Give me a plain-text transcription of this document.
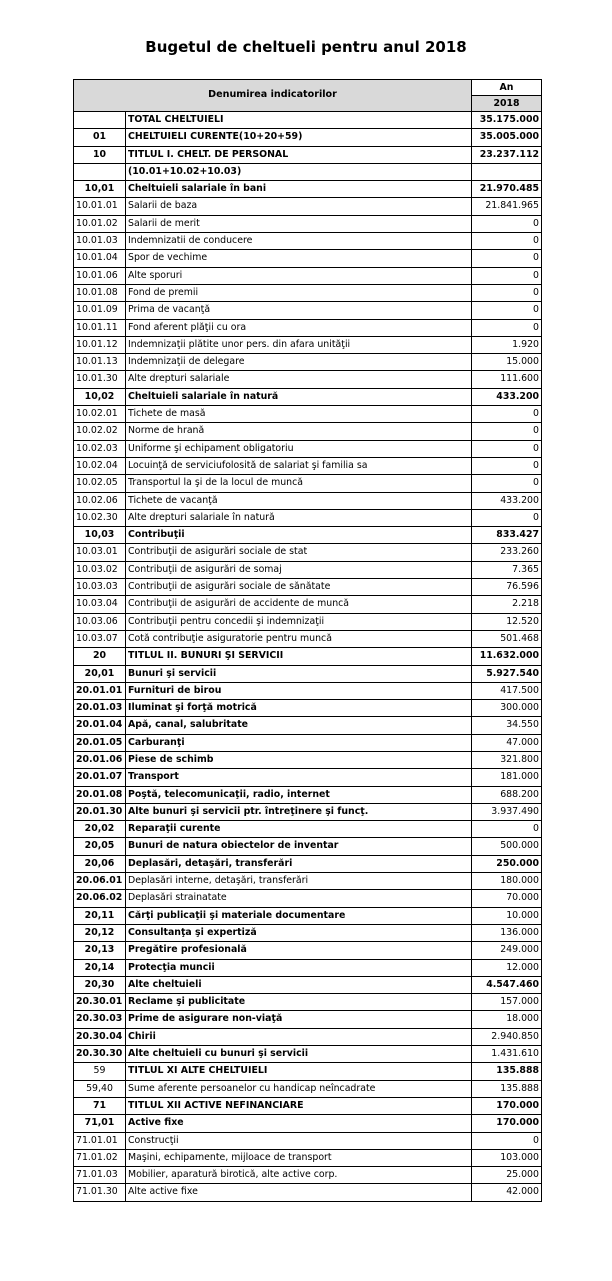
Bugetul de cheltueli pentru anul 2018
Denumirea indicatorilor		An
		2018
	TOTAL CHELTUIELI	35.175.000
01	CHELTUIELI CURENTE(10+20+59)	35.005.000
10	TITLUL I. CHELT. DE PERSONAL	23.237.112
	(10.01+10.02+10.03)	
10,01	Cheltuieli salariale în bani	21.970.485
10.01.01	Salarii de baza	21.841.965
10.01.02	Salarii de merit	0
10.01.03	Indemnizatii de conducere	0
10.01.04	Spor de vechime	0
10.01.06	Alte sporuri	0
10.01.08	Fond de premii	0
10.01.09	Prima de vacanţă	0
10.01.11	Fond aferent plăţii cu ora	0
10.01.12	Indemnizaţii plătite unor pers. din afara unităţii	1.920
10.01.13	Indemnizaţii de delegare	15.000
10.01.30	Alte drepturi salariale	111.600
10,02	Cheltuieli salariale în natură	433.200
10.02.01	Tichete de masă	0
10.02.02	Norme de hrană	0
10.02.03	Uniforme şi echipament obligatoriu	0
10.02.04	Locuinţă de serviciufolosită de salariat şi familia sa	0
10.02.05	Transportul la şi de la locul de muncă	0
10.02.06	Tichete de vacanţă	433.200
10.02.30	Alte drepturi salariale în natură	0
10,03	Contribuţii	833.427
10.03.01	Contribuţii de asigurări sociale de stat	233.260
10.03.02	Contribuţii de asigurări de somaj	7.365
10.03.03	Contribuţii de asigurări sociale de sănătate	76.596
10.03.04	Contribuţii de asigurări de accidente de muncă	2.218
10.03.06	Contribuţii pentru concedii şi indemnizaţii	12.520
10.03.07	Cotă contribuţie asiguratorie pentru muncă	501.468
20	TITLUL II. BUNURI ŞI SERVICII	11.632.000
20,01	Bunuri şi servicii	5.927.540
20.01.01	Furnituri de birou	417.500
20.01.03	Iluminat şi forţă motrică	300.000
20.01.04	Apă, canal, salubritate	34.550
20.01.05	Carburanţi	47.000
20.01.06	Piese de schimb	321.800
20.01.07	Transport	181.000
20.01.08	Poştă, telecomunicaţii, radio, internet	688.200
20.01.30	Alte bunuri şi servicii ptr. întreţinere şi funcţ.	3.937.490
20,02	Reparaţii curente	0
20,05	Bunuri de natura obiectelor de inventar	500.000
20,06	Deplasări, detaşări, transferări	250.000
20.06.01	Deplasări interne, detaşări, transferări	180.000
20.06.02	Deplasări strainatate	70.000
20,11	Cărţi publicaţii şi materiale documentare	10.000
20,12	Consultanţa şi expertiză	136.000
20,13	Pregătire profesională	249.000
20,14	Protecţia muncii	12.000
20,30	Alte cheltuieli	4.547.460
20.30.01	Reclame şi publicitate	157.000
20.30.03	Prime de asigurare non-viaţă	18.000
20.30.04	Chirii	2.940.850
20.30.30	Alte cheltuieli cu bunuri şi servicii	1.431.610
59	TITLUL XI ALTE CHELTUIELI	135.888
59,40	Sume aferente persoanelor cu handicap neîncadrate	135.888
71	TITLUL XII ACTIVE NEFINANCIARE	170.000
71,01	Active fixe	170.000
71.01.01	Construcţii	0
71.01.02	Maşini, echipamente, mijloace de transport	103.000
71.01.03	Mobilier, aparatură birotică, alte active corp.	25.000
71.01.30	Alte active fixe	42.000
